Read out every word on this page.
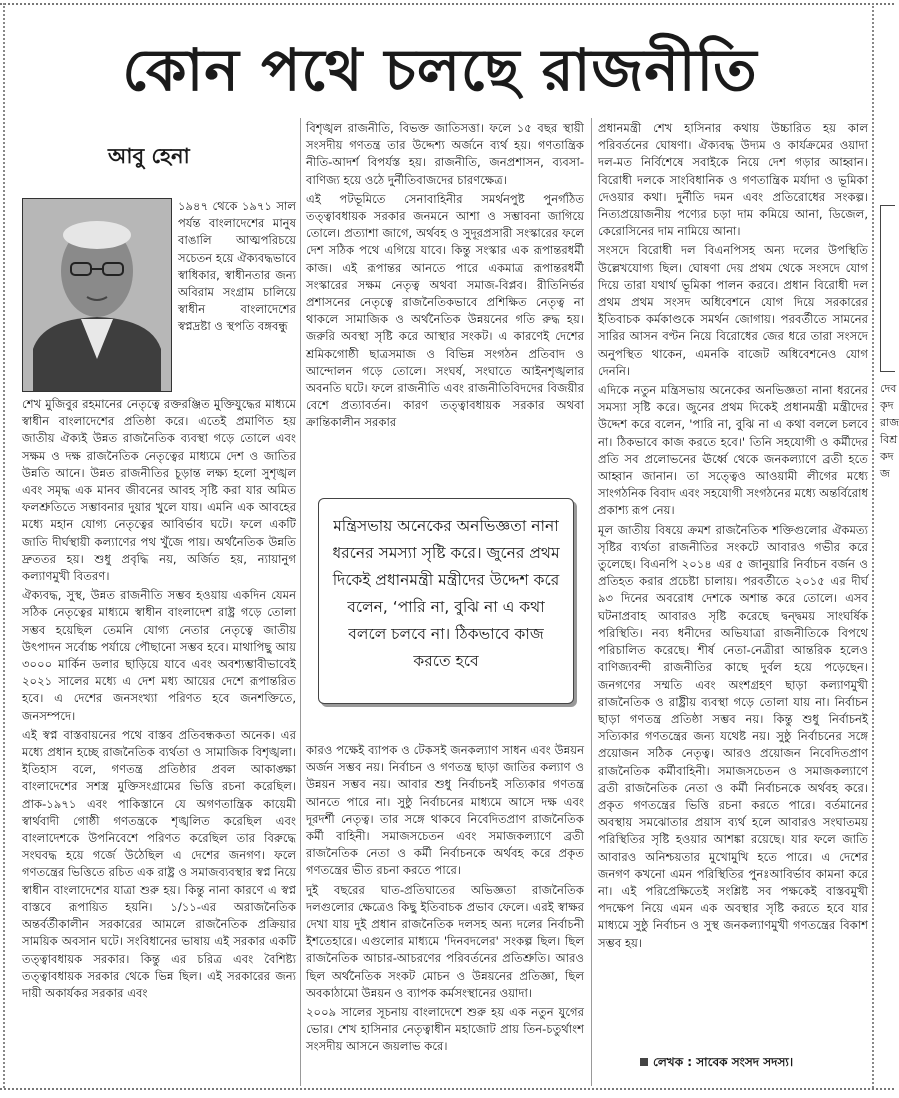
কোন পথে চলছে রাজনীতি
আবু হেনা

১৯৪৭ থেকে ১৯৭১ সাল পর্যন্ত বাংলাদেশের মানুষ বাঙালি আত্মপরিচয়ে সচেতন হয়ে ঐক্যবদ্ধভাবে স্বাধিকার, স্বাধীনতার জন্য অবিরাম সংগ্রাম চালিয়ে স্বাধীন বাংলাদেশের স্বপ্নদ্রষ্টা ও স্থপতি বঙ্গবন্ধু

শেখ মুজিবুর রহমানের নেতৃত্বে রক্তরঞ্জিত মুক্তিযুদ্ধের মাধ্যমে স্বাধীন বাংলাদেশের প্রতিষ্ঠা করে। এতেই প্রমাণিত হয় জাতীয় ঐক্যই উন্নত রাজনৈতিক ব্যবস্থা গড়ে তোলে এবং সক্ষম ও দক্ষ রাজনৈতিক নেতৃত্বের মাধ্যমে দেশ ও জাতির উন্নতি আনে। উন্নত রাজনীতির চূড়ান্ত লক্ষ্য হলো সুশৃঙ্খল এবং সমৃদ্ধ এক মানব জীবনের আবহ সৃষ্টি করা যার অমিত ফলশ্রুতিতে সম্ভাবনার দুয়ার খুলে যায়। এমনি এক আবহের মধ্যে মহান যোগ্য নেতৃত্বের আবির্ভাব ঘটে। ফলে একটি জাতি দীর্ঘস্থায়ী কল্যাণের পথ খুঁজে পায়। অর্থনৈতিক উন্নতি দ্রুততর হয়। শুধু প্রবৃদ্ধি নয়, অর্জিত হয়, ন্যায়ানুগ কল্যাণমুখী বিতরণ।

ঐক্যবদ্ধ, সুস্থ, উন্নত রাজনীতি সম্ভব হওয়ায় একদিন যেমন সঠিক নেতৃত্বের মাধ্যমে স্বাধীন বাংলাদেশ রাষ্ট্র গড়ে তোলা সম্ভব হয়েছিল তেমনি যোগ্য নেতার নেতৃত্বে জাতীয় উৎপাদন সর্বোচ্চ পর্যায়ে পৌছানো সম্ভব হবে। মাথাপিছু আয় ৩০০০ মার্কিন ডলার ছাড়িয়ে যাবে এবং অবশ্যম্ভাবীভাবেই ২০২১ সালের মধ্যে এ দেশ মধ্য আয়ের দেশে রূপান্তরিত হবে। এ দেশের জনসংখ্যা পরিণত হবে জনশক্তিতে, জনসম্পদে।

এই স্বপ্ন বাস্তবায়নের পথে বাস্তব প্রতিবন্ধকতা অনেক। এর মধ্যে প্রধান হচ্ছে রাজনৈতিক ব্যর্থতা ও সামাজিক বিশৃঙ্খলা। ইতিহাস বলে, গণতন্ত্র প্রতিষ্ঠার প্রবল আকাঙ্ক্ষা বাংলাদেশের সশস্ত্র মুক্তিসংগ্রামের ভিত্তি রচনা করেছিল। প্রাক-১৯৭১ এবং পাকিস্তানে যে অগণতান্ত্রিক কায়েমী স্বার্থবাদী গোষ্ঠী গণতন্ত্রকে শৃঙ্খলিত করেছিল এবং বাংলাদেশকে উপনিবেশে পরিণত করেছিল তার বিরুদ্ধে সংঘবদ্ধ হয়ে গর্জে উঠেছিল এ দেশের জনগণ। ফলে গণতন্ত্রের ভিত্তিতে রচিত এক রাষ্ট্র ও সমাজব্যবস্থার স্বপ্ন নিয়ে স্বাধীন বাংলাদেশের যাত্রা শুরু হয়। কিন্তু নানা কারণে এ স্বপ্ন বাস্তবে রূপায়িত হয়নি। ১/১১-এর অরাজনৈতিক অন্তর্বর্তীকালীন সরকারের আমলে রাজনৈতিক প্রক্রিয়ার সাময়িক অবসান ঘটে। সংবিধানের ভাষায় এই সরকার একটি তত্ত্বাবধায়ক সরকার। কিন্তু এর চরিত্র এবং বৈশিষ্ট্য তত্ত্বাবধায়ক সরকার থেকে ভিন্ন ছিল। এই সরকারের জন্য দায়ী অকার্যকর সরকার এবং

বিশৃঙ্খল রাজনীতি, বিভক্ত জাতিসত্তা। ফলে ১৫ বছর স্থায়ী সংসদীয় গণতন্ত্র তার উদ্দেশ্য অর্জনে ব্যর্থ হয়। গণতান্ত্রিক নীতি-আদর্শ বিপর্যস্ত হয়। রাজনীতি, জনপ্রশাসন, ব্যবসা-বাণিজ্য হয়ে ওঠে দুর্নীতিবাজদের চারণক্ষেত্র।

এই পটভূমিতে সেনাবাহিনীর সমর্থনপুষ্ট পুনর্গঠিত তত্ত্বাবধায়ক সরকার জনমনে আশা ও সম্ভাবনা জাগিয়ে তোলে। প্রত্যাশা জাগে, অর্থবহ ও সুদূরপ্রসারী সংস্কারের ফলে দেশ সঠিক পথে এগিয়ে যাবে। কিন্তু সংস্কার এক রূপান্তরধর্মী কাজ। এই রূপান্তর আনতে পারে একমাত্র রূপান্তরধর্মী সংস্কারের সক্ষম নেতৃত্ব অথবা সমাজ-বিপ্লব। রীতিনির্ভর প্রশাসনের নেতৃত্বে রাজনৈতিকভাবে প্রশিক্ষিত নেতৃত্ব না থাকলে সামাজিক ও অর্থনৈতিক উন্নয়নের গতি রুদ্ধ হয়। জরুরি অবস্থা সৃষ্টি করে আস্থার সংকট। এ কারণেই দেশের শ্রমিকগোষ্ঠী ছাত্রসমাজ ও বিভিন্ন সংগঠন প্রতিবাদ ও আন্দোলন গড়ে তোলে। সংঘর্ষ, সংঘাতে আইনশৃঙ্খলার অবনতি ঘটে। ফলে রাজনীতি এবং রাজনীতিবিদদের বিজয়ীর বেশে প্রত্যাবর্তন। কারণ তত্ত্বাবধায়ক সরকার অথবা ক্রান্তিকালীন সরকার

মন্ত্রিসভায় অনেকের অনভিজ্ঞতা নানা ধরনের সমস্যা সৃষ্টি করে। জুনের প্রথম দিকেই প্রধানমন্ত্রী মন্ত্রীদের উদ্দেশ করে বলেন, ‘পারি না, বুঝি না এ কথা বললে চলবে না। ঠিকভাবে কাজ করতে হবে

কারও পক্ষেই ব্যাপক ও টেকসই জনকল্যাণ সাধন এবং উন্নয়ন অর্জন সম্ভব নয়। নির্বাচন ও গণতন্ত্র ছাড়া জাতির কল্যাণ ও উন্নয়ন সম্ভব নয়। আবার শুধু নির্বাচনই সত্যিকার গণতন্ত্র আনতে পারে না। সুষ্ঠু নির্বাচনের মাধ্যমে আসে দক্ষ এবং দূরদর্শী নেতৃত্ব। তার সঙ্গে থাকবে নিবেদিতপ্রাণ রাজনৈতিক কর্মী বাহিনী। সমাজসচেতন এবং সমাজকল্যাণে ব্রতী রাজনৈতিক নেতা ও কর্মী নির্বাচনকে অর্থবহ করে প্রকৃত গণতন্ত্রের ভীত রচনা করতে পারে।

দুই বছরের ঘাত-প্রতিঘাতের অভিজ্ঞতা রাজনৈতিক দলগুলোর ক্ষেত্রেও কিছু ইতিবাচক প্রভাব ফেলে। এরই স্বাক্ষর দেখা যায় দুই প্রধান রাজনৈতিক দলসহ অন্য দলের নির্বাচনী ইশতেহারে। এগুলোর মাধ্যমে 'দিনবদলের' সংকল্প ছিল। ছিল রাজনৈতিক আচার-আচরণের পরিবর্তনের প্রতিশ্রুতি। আরও ছিল অর্থনৈতিক সংকট মোচন ও উন্নয়নের প্রতিজ্ঞা, ছিল অবকাঠামো উন্নয়ন ও ব্যাপক কর্মসংস্থানের ওয়াদা।

২০০৯ সালের সূচনায় বাংলাদেশে শুরু হয় এক নতুন যুগের ভোর। শেখ হাসিনার নেতৃত্বাধীন মহাজোট প্রায় তিন-চতুর্থাংশ সংসদীয় আসনে জয়লাভ করে।

প্রধানমন্ত্রী শেখ হাসিনার কথায় উচ্চারিত হয় কাল পরিবর্তনের ঘোষণা। ঐক্যবদ্ধ উদ্যম ও কার্যক্রমের ওয়াদা দল-মত নির্বিশেষে সবাইকে নিয়ে দেশ গড়ার আহ্বান। বিরোধী দলকে সাংবিধানিক ও গণতান্ত্রিক মর্যাদা ও ভূমিকা দেওয়ার কথা। দুর্নীতি দমন এবং প্রতিরোধের সংকল্প। নিত্যপ্রয়োজনীয় পণ্যের চড়া দাম কমিয়ে আনা, ডিজেল, কেরোসিনের দাম নামিয়ে আনা।

সংসদে বিরোধী দল বিএনপিসহ অন্য দলের উপস্থিতি উল্লেখযোগ্য ছিল। ঘোষণা দেয় প্রথম থেকে সংসদে যোগ দিয়ে তারা যথার্থ ভূমিকা পালন করবে। প্রধান বিরোধী দল প্রথম প্রথম সংসদ অধিবেশনে যোগ দিয়ে সরকারের ইতিবাচক কর্মকাণ্ডকে সমর্থন জোগায়। পরবর্তীতে সামনের সারির আসন বণ্টন নিয়ে বিরোধের জের ধরে তারা সংসদে অনুপস্থিত থাকেন, এমনকি বাজেট অধিবেশনেও যোগ দেননি।

এদিকে নতুন মন্ত্রিসভায় অনেকের অনভিজ্ঞতা নানা ধরনের সমস্যা সৃষ্টি করে। জুনের প্রথম দিকেই প্রধানমন্ত্রী মন্ত্রীদের উদ্দেশ করে বলেন, 'পারি না, বুঝি না এ কথা বললে চলবে না। ঠিকভাবে কাজ করতে হবে।' তিনি সহযোগী ও কর্মীদের প্রতি সব প্রলোভনের ঊর্ধ্বে থেকে জনকল্যাণে ব্রতী হতে আহ্বান জানান। তা সত্ত্বেও আওয়ামী লীগের মধ্যে সাংগঠনিক বিবাদ এবং সহযোগী সংগঠনের মধ্যে অন্তর্বিরোধ প্রকাশ্য রূপ নেয়।

মূল জাতীয় বিষয়ে ক্রমশ রাজনৈতিক শক্তিগুলোর ঐকমত্য সৃষ্টির ব্যর্থতা রাজনীতির সংকটে আবারও গভীর করে তুলেছে। বিএনপি ২০১৪ এর ৫ জানুয়ারি নির্বাচন বর্জন ও প্রতিহত করার প্রচেষ্টা চালায়। পরবর্তীতে ২০১৫ এর দীর্ঘ ৯৩ দিনের অবরোধ দেশকে অশান্ত করে তোলে। এসব ঘটনাপ্রবাহ আবারও সৃষ্টি করেছে দ্বন্দ্বময় সাংঘর্ষিক পরিস্থিতি। নব্য ধনীদের অভিযাত্রা রাজনীতিকে বিপথে পরিচালিত করেছে। শীর্ষ নেতা-নেত্রীরা আন্তরিক হলেও বাণিজ্যবন্দী রাজনীতির কাছে দুর্বল হয়ে পড়েছেন। জনগণের সম্মতি এবং অংশগ্রহণ ছাড়া কল্যাণমুখী রাজনৈতিক ও রাষ্ট্রীয় ব্যবস্থা গড়ে তোলা যায় না। নির্বাচন ছাড়া গণতন্ত্র প্রতিষ্ঠা সম্ভব নয়। কিন্তু শুধু নির্বাচনই সত্যিকার গণতন্ত্রের জন্য যথেষ্ট নয়। সুষ্ঠু নির্বাচনের সঙ্গে প্রয়োজন সঠিক নেতৃত্ব। আরও প্রয়োজন নিবেদিতপ্রাণ রাজনৈতিক কর্মীবাহিনী। সমাজসচেতন ও সমাজকল্যাণে ব্রতী রাজনৈতিক নেতা ও কর্মী নির্বাচনকে অর্থবহ করে। প্রকৃত গণতন্ত্রের ভিত্তি রচনা করতে পারে। বর্তমানের অবস্থায় সমঝোতার প্রয়াস ব্যর্থ হলে আবারও সংঘাতময় পরিস্থিতির সৃষ্টি হওয়ার আশঙ্কা রয়েছে। যার ফলে জাতি আবারও অনিশ্চয়তার মুখোমুখি হতে পারে। এ দেশের জনগণ কখনো এমন পরিস্থিতির পুনঃআবির্ভাব কামনা করে না। এই পরিপ্রেক্ষিতেই সংশ্লিষ্ট সব পক্ষকেই বাস্তবমুখী পদক্ষেপ নিয়ে এমন এক অবস্থার সৃষ্টি করতে হবে যার মাধ্যমে সুষ্ঠু নির্বাচন ও সুস্থ জনকল্যাণমুখী গণতন্ত্রের বিকাশ সম্ভব হয়।

লেখক : সাবেক সংসদ সদস্য।
দেবকৃদরাজবিশ্রকদজ
